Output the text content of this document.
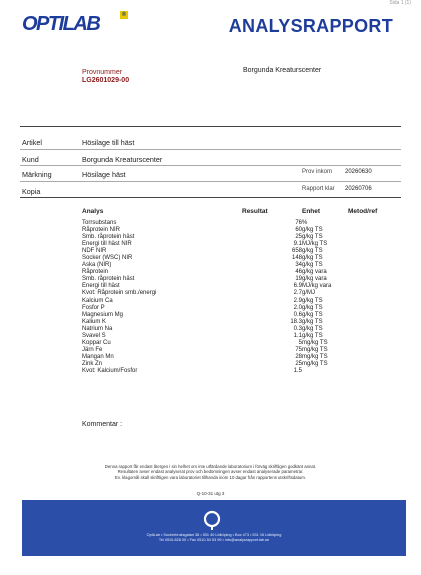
Sida 1 (1)
OPTILAB	®
ANALYSRAPPORT
Provnummer
LG2601029-00
Borgunda Kreaturscenter
Artikel	Hösilage till häst
Kund	Borgunda Kreaturscenter
Märkning	Hösilage häst	Prov inkom 20260630
Kopia	Rapport klar 20260706
Analys	Resultat	Enhet	Metod/ref
Torrsubstans	76 %
Råprotein NIR	60 g/kg TS
Smb. råprotein häst	25 g/kg TS
Energi till häst NIR	9.1 MJ/kg TS
NDF NIR	658 g/kg TS
Socker (WSC) NIR	148 g/kg TS
Aska (NIR)	34 g/kg TS
Råprotein	46 g/kg vara
Smb. råprotein häst	19 g/kg vara
Energi till häst	6.9 MJ/kg vara
Kvot: Råprotein smb./energi	2.7 g/MJ
Kalcium Ca	2.9 g/kg TS
Fosfor P	2.0 g/kg TS
Magnesium Mg	0.6 g/kg TS
Kalium K	18.3 g/kg TS
Natrium Na	0.3 g/kg TS
Svavel S	1.1 g/kg TS
Koppar Cu	5 mg/kg TS
Järn Fe	75 mg/kg TS
Mangan Mn	28 mg/kg TS
Zink Zn	25 mg/kg TS
Kvot: Kalcium/Fosfor	1.5
Kommentar :
Denna rapport får endast återges i sin helhet om inte utfärdande laboratorium i förväg skriftligen godkänt annat.
Resultaten avser endast analyserat prov och bedömningen avser endast analyserade parametrar.
Ev. klagomål skall skriftligen vara laboratoriet tillhanda inom 10 dagar från rapportens utskriftsdatum.
Q-10-31 utg 3
OptiLab • Sockerbruksgatan 38 • 531 40 Lidköping • Box 473 • 531 16 Lidköping
Tel 0510-828 00 • Fax 0510-54 53 99 • info@analysrapport.lab.se
